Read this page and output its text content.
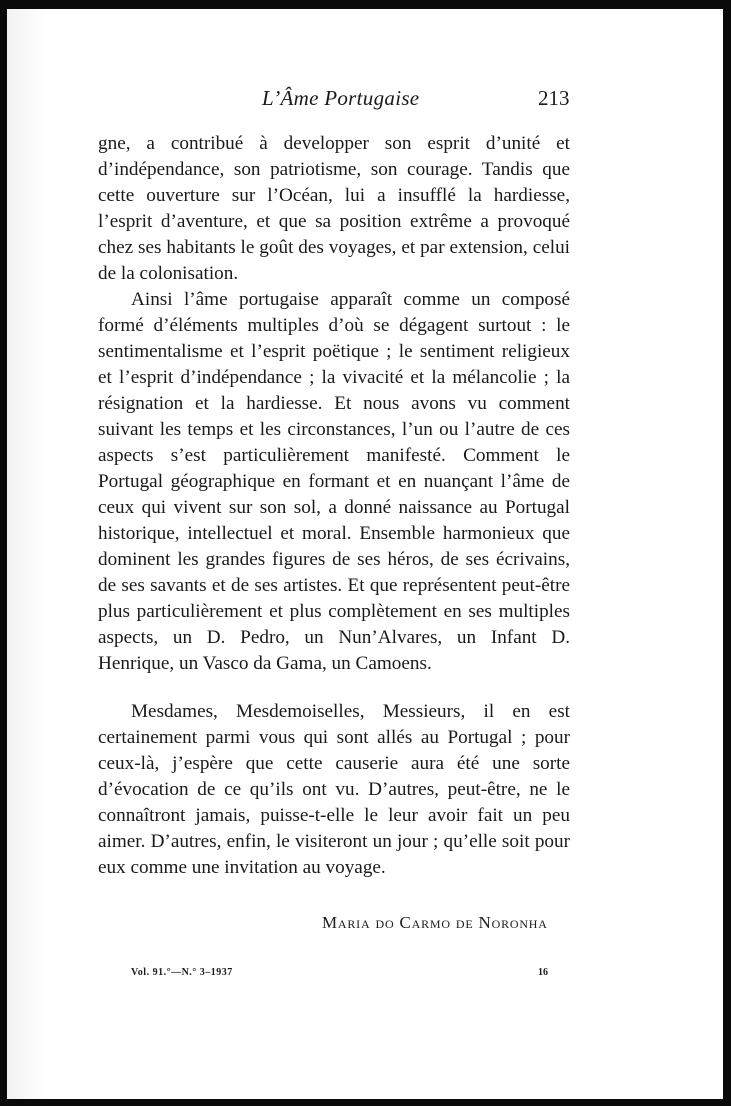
L’Âme Portugaise	213

gne, a contribué à developper son esprit d’unité et d’indépendance, son patriotisme, son courage. Tandis que cette ouverture sur l’Océan, lui a insufflé la hardiesse, l’esprit d’aventure, et que sa position extrême a provoqué chez ses habitants le goût des voyages, et par extension, celui de la colonisation.

Ainsi l’âme portugaise apparaît comme un composé formé d’éléments multiples d’où se dégagent surtout : le sentimentalisme et l’esprit poëtique ; le sentiment religieux et l’esprit d’indépendance ; la vivacité et la mélancolie ; la résignation et la hardiesse. Et nous avons vu comment suivant les temps et les circonstances, l’un ou l’autre de ces aspects s’est particulièrement manifesté. Comment le Portugal géographique en formant et en nuançant l’âme de ceux qui vivent sur son sol, a donné naissance au Portugal historique, intellectuel et moral. Ensemble harmonieux que dominent les grandes figures de ses héros, de ses écrivains, de ses savants et de ses artistes. Et que représentent peut-être plus particulièrement et plus complètement en ses multiples aspects, un D. Pedro, un Nun’Alvares, un Infant D. Henrique, un Vasco da Gama, un Camoens.

Mesdames, Mesdemoiselles, Messieurs, il en est certainement parmi vous qui sont allés au Portugal ; pour ceux-là, j’espère que cette causerie aura été une sorte d’évocation de ce qu’ils ont vu. D’autres, peut-être, ne le connaîtront jamais, puisse-t-elle le leur avoir fait un peu aimer. D’autres, enfin, le visiteront un jour ; qu’elle soit pour eux comme une invitation au voyage.

Maria do Carmo de Noronha
Vol. 91.°—N.° 3–1937	16
